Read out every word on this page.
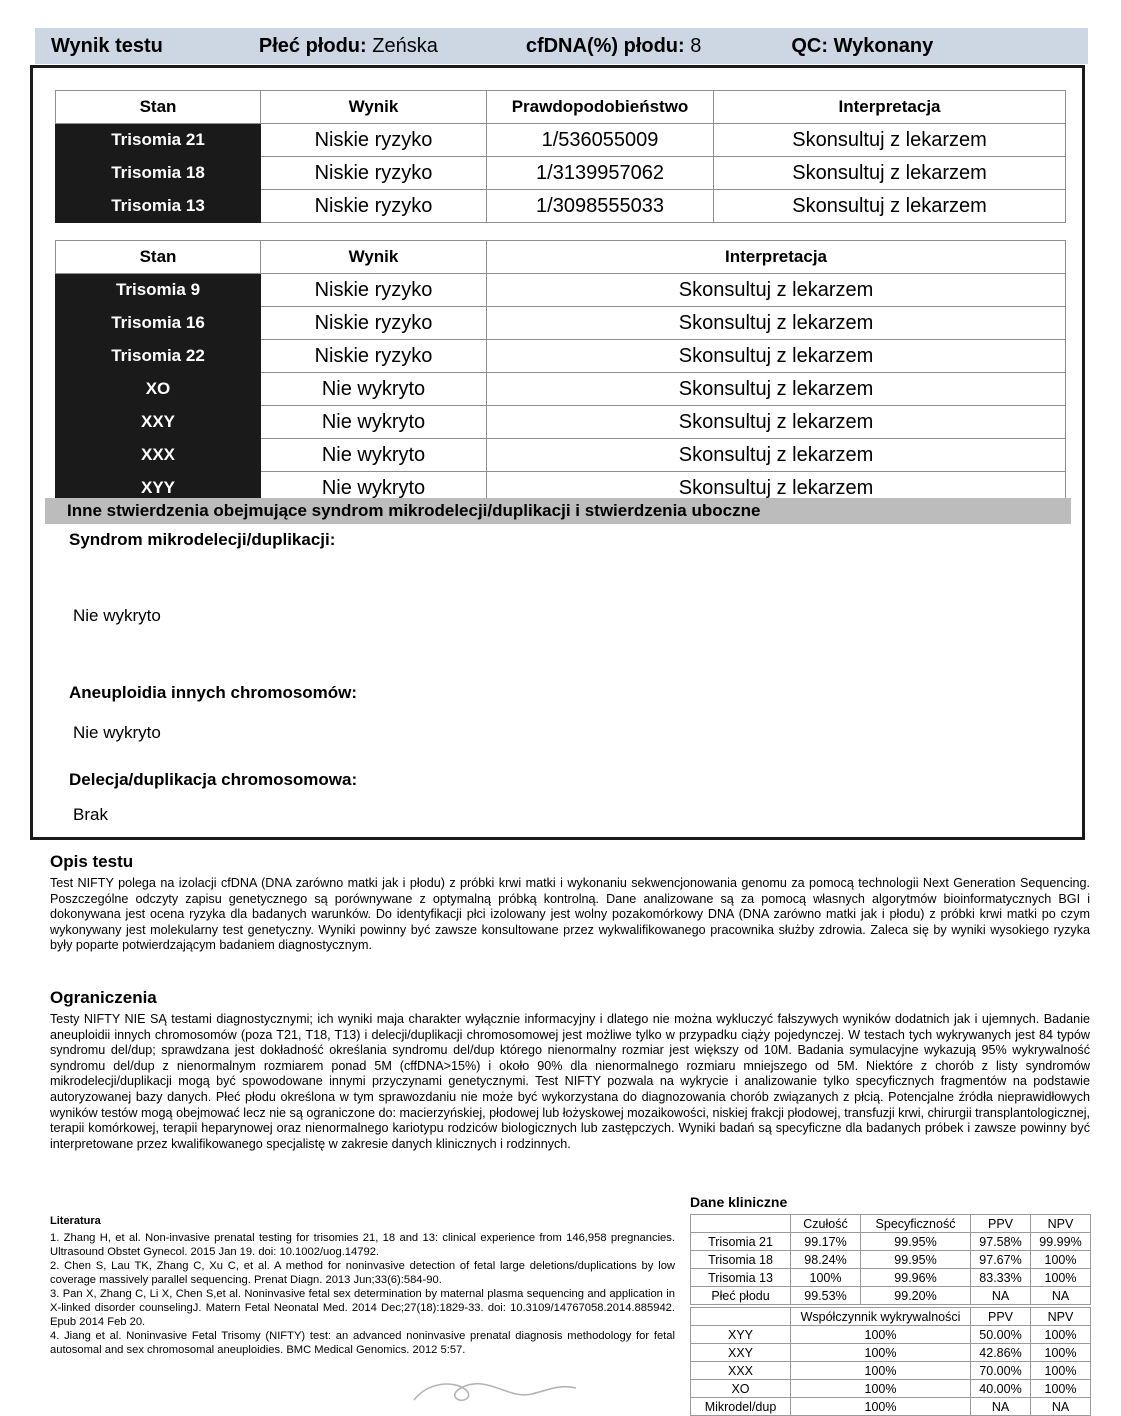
Wynik testu	Płeć płodu: Zeńska	cfDNA(%) płodu: 8	QC: Wykonany
Stan	Wynik	Prawdopodobieństwo	Interpretacja
Trisomia 21	Niskie ryzyko	1/536055009	Skonsultuj z lekarzem
Trisomia 18	Niskie ryzyko	1/3139957062	Skonsultuj z lekarzem
Trisomia 13	Niskie ryzyko	1/3098555033	Skonsultuj z lekarzem
Stan	Wynik	Interpretacja
Trisomia 9	Niskie ryzyko	Skonsultuj z lekarzem
Trisomia 16	Niskie ryzyko	Skonsultuj z lekarzem
Trisomia 22	Niskie ryzyko	Skonsultuj z lekarzem
XO	Nie wykryto	Skonsultuj z lekarzem
XXY	Nie wykryto	Skonsultuj z lekarzem
XXX	Nie wykryto	Skonsultuj z lekarzem
XYY	Nie wykryto	Skonsultuj z lekarzem
Inne stwierdzenia obejmujące syndrom mikrodelecji/duplikacji i stwierdzenia uboczne
Syndrom mikrodelecji/duplikacji:
Nie wykryto
Aneuploidia innych chromosomów:
Nie wykryto
Delecja/duplikacja chromosomowa:
Brak
Opis testu
Test NIFTY polega na izolacji cfDNA (DNA zarówno matki jak i płodu) z próbki krwi matki i wykonaniu sekwencjonowania genomu za pomocą technologii Next Generation Sequencing. Poszczególne odczyty zapisu genetycznego są porównywane z optymalną próbką kontrolną. Dane analizowane są za pomocą własnych algorytmów bioinformatycznych BGI i dokonywana jest ocena ryzyka dla badanych warunków. Do identyfikacji płci izolowany jest wolny pozakomórkowy DNA (DNA zarówno matki jak i płodu) z próbki krwi matki po czym wykonywany jest molekularny test genetyczny. Wyniki powinny być zawsze konsultowane przez wykwalifikowanego pracownika służby zdrowia. Zaleca się by wyniki wysokiego ryzyka były poparte potwierdzającym badaniem diagnostycznym.
Ograniczenia
Testy NIFTY NIE SĄ testami diagnostycznymi; ich wyniki maja charakter wyłącznie informacyjny i dlatego nie można wykluczyć fałszywych wyników dodatnich jak i ujemnych. Badanie aneuploidii innych chromosomów (poza T21, T18, T13) i delecji/duplikacji chromosomowej jest możliwe tylko w przypadku ciąży pojedynczej. W testach tych wykrywanych jest 84 typów syndromu del/dup; sprawdzana jest dokładność określania syndromu del/dup którego nienormalny rozmiar jest większy od 10M. Badania symulacyjne wykazują 95% wykrywalność syndromu del/dup z nienormalnym rozmiarem ponad 5M (cffDNA>15%) i około 90% dla nienormalnego rozmiaru mniejszego od 5M. Niektóre z chorób z listy syndromów mikrodelecji/duplikacji mogą być spowodowane innymi przyczynami genetycznymi. Test NIFTY pozwala na wykrycie i analizowanie tylko specyficznych fragmentów na podstawie autoryzowanej bazy danych. Płeć płodu określona w tym sprawozdaniu nie może być wykorzystana do diagnozowania chorób związanych z płcią. Potencjalne źródła nieprawidłowych wyników testów mogą obejmować lecz nie są ograniczone do: macierzyńskiej, płodowej lub łożyskowej mozaikowości, niskiej frakcji płodowej, transfuzji krwi, chirurgii transplantologicznej, terapii komórkowej, terapii heparynowej oraz nienormalnego kariotypu rodziców biologicznych lub zastępczych. Wyniki badań są specyficzne dla badanych próbek i zawsze powinny być interpretowane przez kwalifikowanego specjalistę w zakresie danych klinicznych i rodzinnych.
Literatura
1. Zhang H, et al. Non-invasive prenatal testing for trisomies 21, 18 and 13: clinical experience from 146,958 pregnancies. Ultrasound Obstet Gynecol. 2015 Jan 19. doi: 10.1002/uog.14792.
2. Chen S, Lau TK, Zhang C, Xu C, et al. A method for noninvasive detection of fetal large deletions/duplications by low coverage massively parallel sequencing. Prenat Diagn. 2013 Jun;33(6):584-90.
3. Pan X, Zhang C, Li X, Chen S,et al. Noninvasive fetal sex determination by maternal plasma sequencing and application in X-linked disorder counselingJ. Matern Fetal Neonatal Med. 2014 Dec;27(18):1829-33. doi: 10.3109/14767058.2014.885942. Epub 2014 Feb 20.
4. Jiang et al. Noninvasive Fetal Trisomy (NIFTY) test: an advanced noninvasive prenatal diagnosis methodology for fetal autosomal and sex chromosomal aneuploidies. BMC Medical Genomics. 2012 5:57.
Dane kliniczne
	Czułość	Specyficzność	PPV	NPV
Trisomia 21	99.17%	99.95%	97.58%	99.99%
Trisomia 18	98.24%	99.95%	97.67%	100%
Trisomia 13	100%	99.96%	83.33%	100%
Płeć płodu	99.53%	99.20%	NA	NA
	Współczynnik wykrywalności	PPV	NPV
XYY	100%	50.00%	100%
XXY	100%	42.86%	100%
XXX	100%	70.00%	100%
XO	100%	40.00%	100%
Mikrodel/dup	100%	NA	NA
